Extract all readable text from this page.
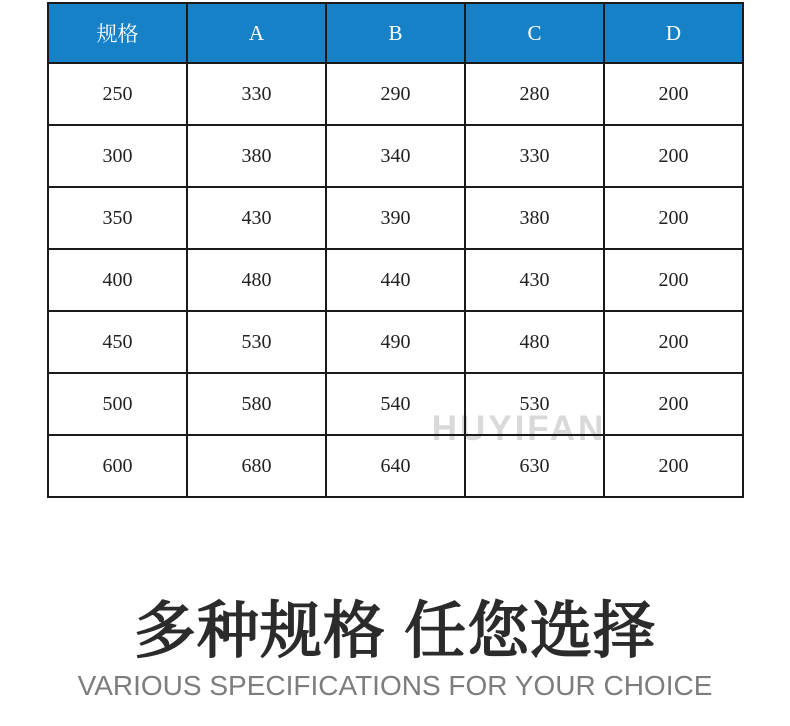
HUYIFAN
规格	A	B	C	D
250	330	290	280	200
300	380	340	330	200
350	430	390	380	200
400	480	440	430	200
450	530	490	480	200
500	580	540	530	200
600	680	640	630	200
多种规格 任您选择
VARIOUS SPECIFICATIONS FOR YOUR CHOICE
